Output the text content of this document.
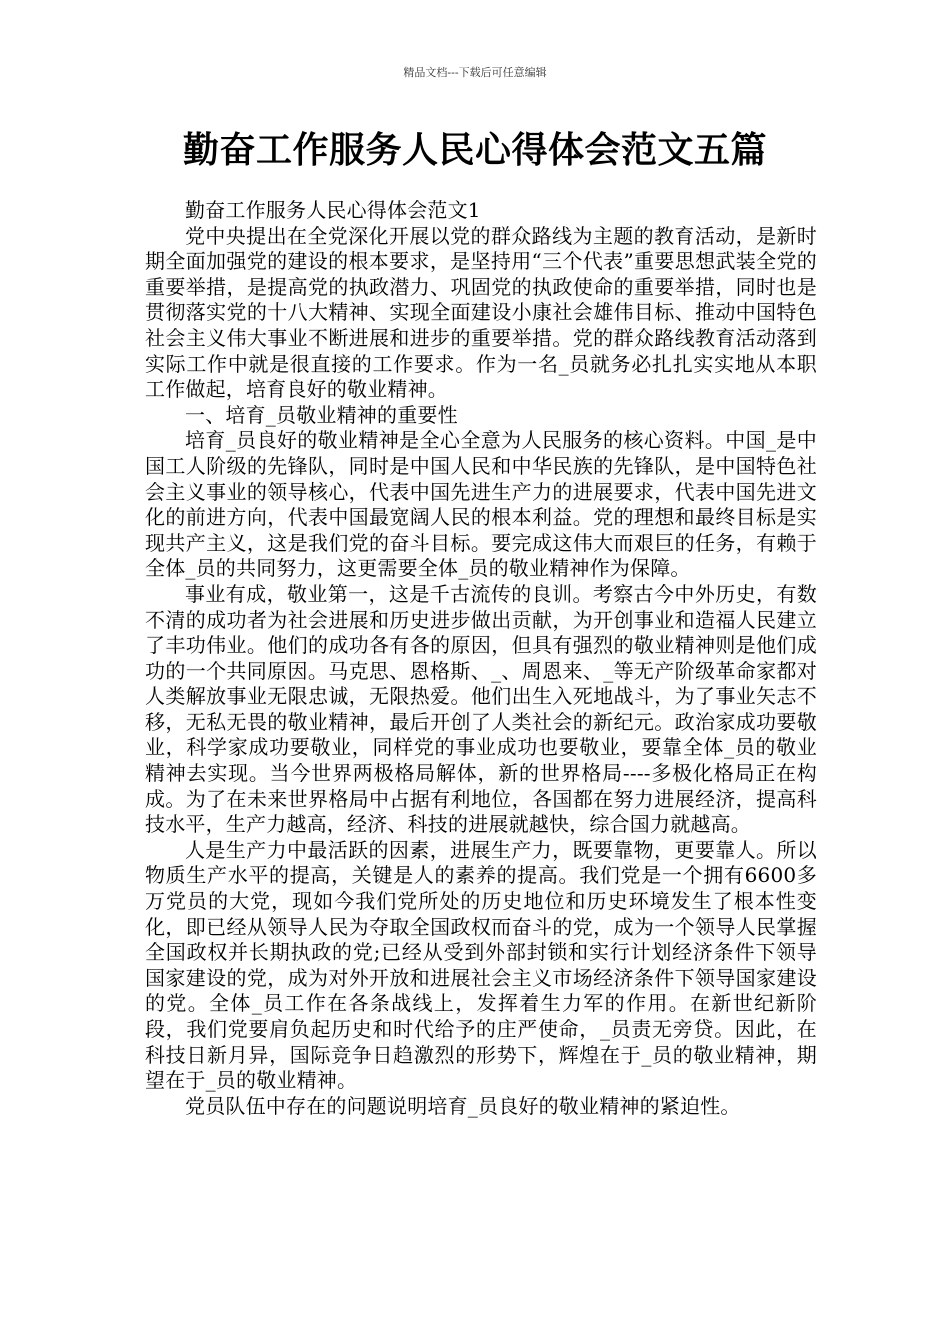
精品文档---下载后可任意编辑
勤奋工作服务人民心得体会范文五篇

勤奋工作服务人民心得体会范文1

党中央提出在全党深化开展以党的群众路线为主题的教育活动，是新时期全面加强党的建设的根本要求，是坚持用“三个代表”重要思想武装全党的重要举措，是提高党的执政潜力、巩固党的执政使命的重要举措，同时也是贯彻落实党的十八大精神、实现全面建设小康社会雄伟目标、推动中国特色社会主义伟大事业不断进展和进步的重要举措。党的群众路线教育活动落到实际工作中就是很直接的工作要求。作为一名_员就务必扎扎实实地从本职工作做起，培育良好的敬业精神。

一、培育_员敬业精神的重要性

培育_员良好的敬业精神是全心全意为人民服务的核心资料。中国_是中国工人阶级的先锋队，同时是中国人民和中华民族的先锋队，是中国特色社会主义事业的领导核心，代表中国先进生产力的进展要求，代表中国先进文化的前进方向，代表中国最宽阔人民的根本利益。党的理想和最终目标是实现共产主义，这是我们党的奋斗目标。要完成这伟大而艰巨的任务，有赖于全体_员的共同努力，这更需要全体_员的敬业精神作为保障。

事业有成，敬业第一，这是千古流传的良训。考察古今中外历史，有数不清的成功者为社会进展和历史进步做出贡献，为开创事业和造福人民建立了丰功伟业。他们的成功各有各的原因，但具有强烈的敬业精神则是他们成功的一个共同原因。马克思、恩格斯、_、周恩来、_等无产阶级革命家都对人类解放事业无限忠诚，无限热爱。他们出生入死地战斗，为了事业矢志不移，无私无畏的敬业精神，最后开创了人类社会的新纪元。政治家成功要敬业，科学家成功要敬业，同样党的事业成功也要敬业，要靠全体_员的敬业精神去实现。当今世界两极格局解体，新的世界格局----多极化格局正在构成。为了在未来世界格局中占据有利地位，各国都在努力进展经济，提高科技水平，生产力越高，经济、科技的进展就越快，综合国力就越高。

人是生产力中最活跃的因素，进展生产力，既要靠物，更要靠人。所以物质生产水平的提高，关键是人的素养的提高。我们党是一个拥有6600多万党员的大党，现如今我们党所处的历史地位和历史环境发生了根本性变化，即已经从领导人民为夺取全国政权而奋斗的党，成为一个领导人民掌握全国政权并长期执政的党;已经从受到外部封锁和实行计划经济条件下领导国家建设的党，成为对外开放和进展社会主义市场经济条件下领导国家建设的党。全体_员工作在各条战线上，发挥着生力军的作用。在新世纪新阶段，我们党要肩负起历史和时代给予的庄严使命，_员责无旁贷。因此，在科技日新月异，国际竞争日趋激烈的形势下，辉煌在于_员的敬业精神，期望在于_员的敬业精神。

党员队伍中存在的问题说明培育_员良好的敬业精神的紧迫性。
